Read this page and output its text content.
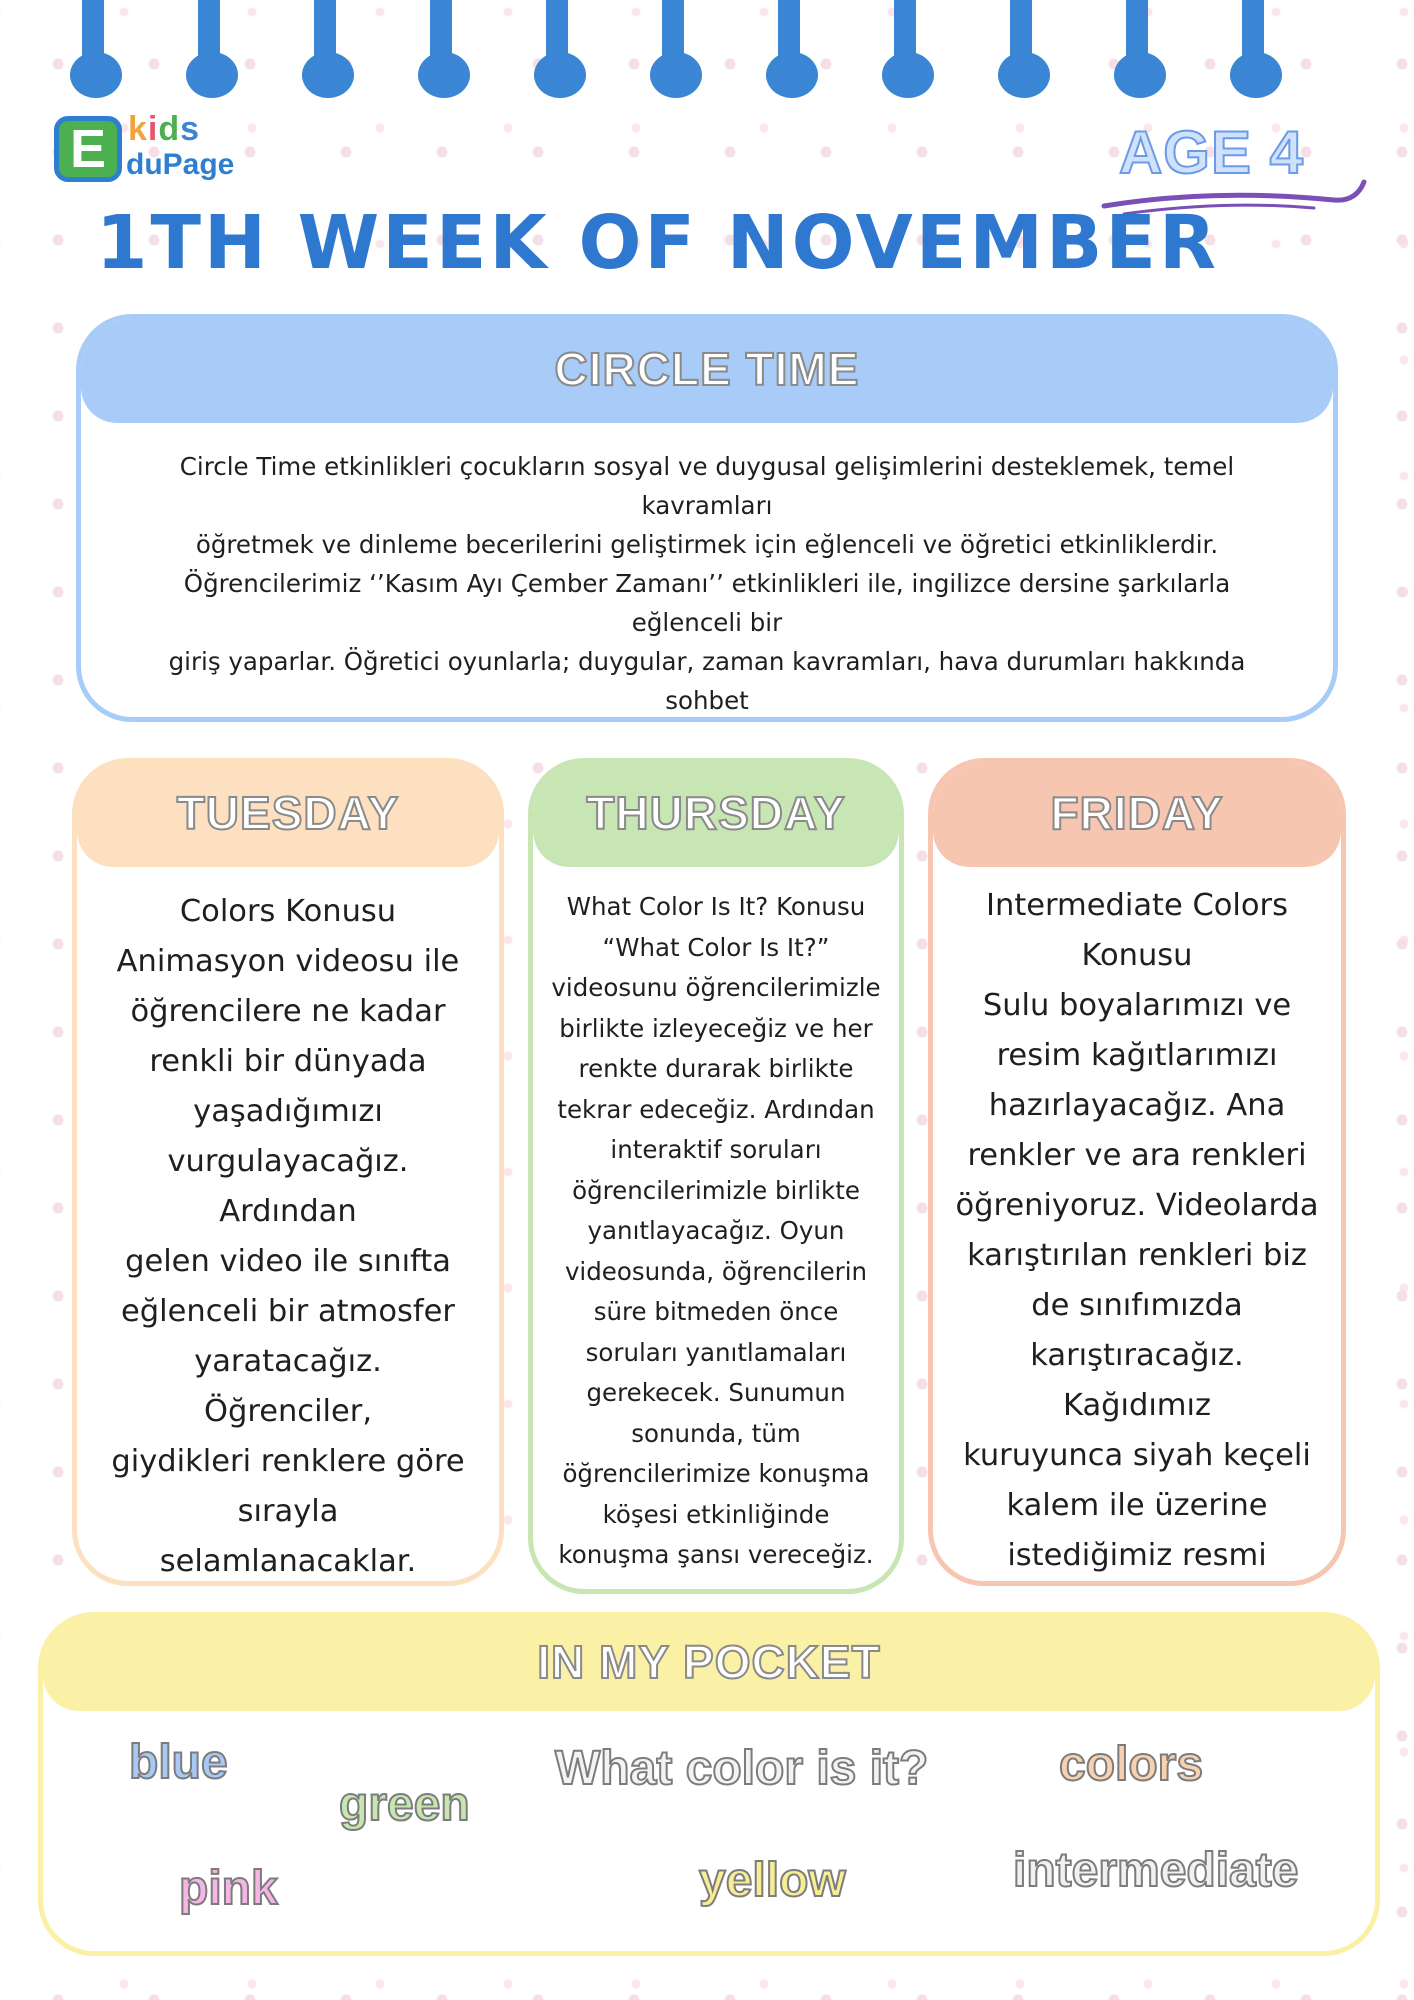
E kids
duPage	AGE 4
1TH WEEK OF NOVEMBER
CIRCLE TIME

Circle Time etkinlikleri çocukların sosyal ve duygusal gelişimlerini desteklemek, temel kavramları

öğretmek ve dinleme becerilerini geliştirmek için eğlenceli ve öğretici etkinliklerdir.

Öğrencilerimiz ‘’Kasım Ayı Çember Zamanı’’ etkinlikleri ile, ingilizce dersine şarkılarla eğlenceli bir

giriş yaparlar. Öğretici oyunlarla; duygular, zaman kavramları, hava durumları hakkında sohbet

TUESDAY

Colors Konusu

Animasyon videosu ile

öğrencilere ne kadar

renkli bir dünyada

yaşadığımızı

vurgulayacağız. Ardından

gelen video ile sınıfta

eğlenceli bir atmosfer

yaratacağız. Öğrenciler,

giydikleri renklere göre

sırayla selamlanacaklar.

THURSDAY

What Color Is It? Konusu

“What Color Is It?”

videosunu öğrencilerimizle

birlikte izleyeceğiz ve her

renkte durarak birlikte

tekrar edeceğiz. Ardından

interaktif soruları

öğrencilerimizle birlikte

yanıtlayacağız. Oyun

videosunda, öğrencilerin

süre bitmeden önce

soruları yanıtlamaları

gerekecek. Sunumun

sonunda, tüm

öğrencilerimize konuşma

köşesi etkinliğinde

konuşma şansı vereceğiz.

FRIDAY

Intermediate Colors

Konusu

Sulu boyalarımızı ve

resim kağıtlarımızı

hazırlayacağız. Ana

renkler ve ara renkleri

öğreniyoruz. Videolarda

karıştırılan renkleri biz

de sınıfımızda

karıştıracağız. Kağıdımız

kuruyunca siyah keçeli

kalem ile üzerine

istediğimiz resmi

IN MY POCKET
blue
green
What color is it?	colors
pink	yellow	intermediate
